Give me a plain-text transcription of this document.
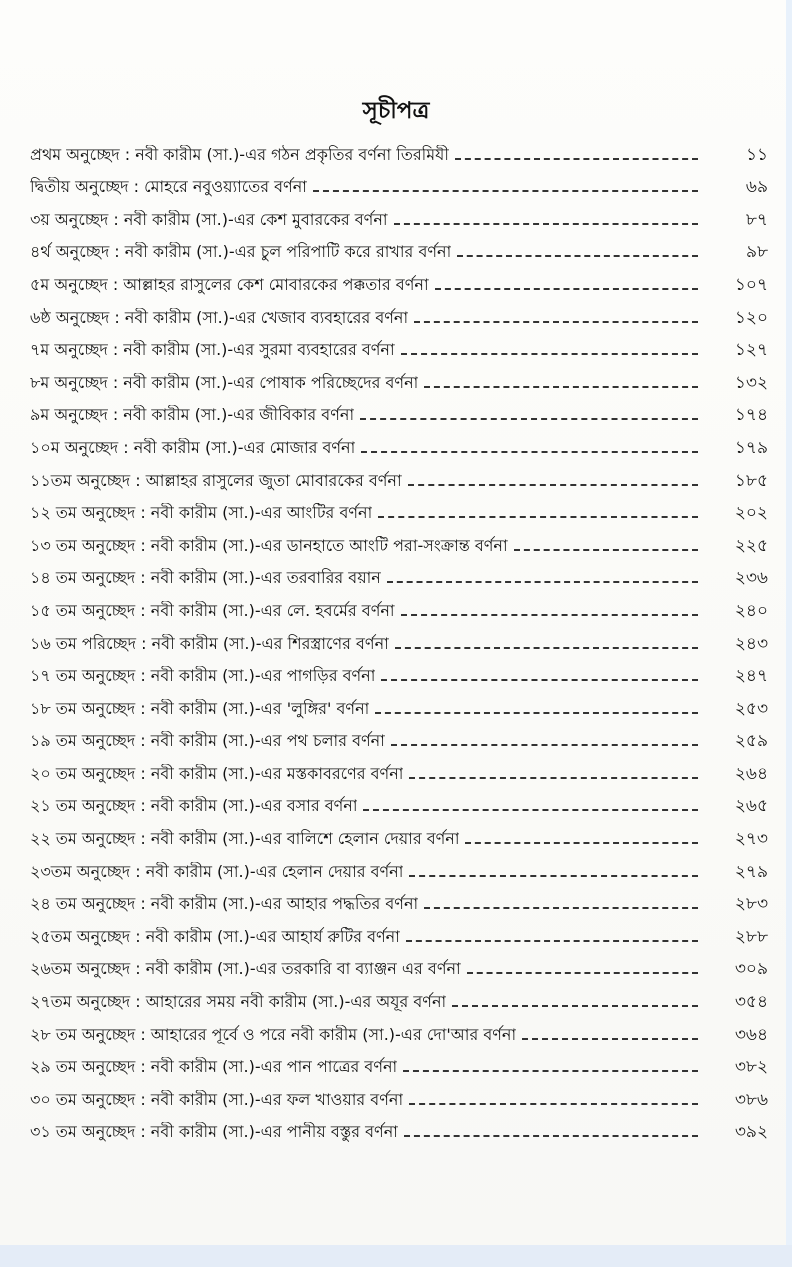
সূচীপত্র
প্রথম অনুচ্ছেদ : নবী কারীম (সা.)-এর গঠন প্রকৃতির বর্ণনা তিরমিযী	১১
দ্বিতীয় অনুচ্ছেদ : মোহরে নবুওয়্যাতের বর্ণনা	৬৯
৩য় অনুচ্ছেদ : নবী কারীম (সা.)-এর কেশ মুবারকের বর্ণনা	৮৭
৪র্থ অনুচ্ছেদ : নবী কারীম (সা.)-এর চুল পরিপাটি করে রাখার বর্ণনা	৯৮
৫ম অনুচ্ছেদ : আল্লাহর রাসুলের কেশ মোবারকের পক্কতার বর্ণনা	১০৭
৬ষ্ঠ অনুচ্ছেদ : নবী কারীম (সা.)-এর খেজাব ব্যবহারের বর্ণনা	১২০
৭ম অনুচ্ছেদ : নবী কারীম (সা.)-এর সুরমা ব্যবহারের বর্ণনা	১২৭
৮ম অনুচ্ছেদ : নবী কারীম (সা.)-এর পোষাক পরিচ্ছেদের বর্ণনা	১৩২
৯ম অনুচ্ছেদ : নবী কারীম (সা.)-এর জীবিকার বর্ণনা	১৭৪
১০ম অনুচ্ছেদ : নবী কারীম (সা.)-এর মোজার বর্ণনা	১৭৯
১১তম অনুচ্ছেদ : আল্লাহর রাসুলের জুতা মোবারকের বর্ণনা	১৮৫
১২ তম অনুচ্ছেদ : নবী কারীম (সা.)-এর আংটির বর্ণনা	২০২
১৩ তম অনুচ্ছেদ : নবী কারীম (সা.)-এর ডানহাতে আংটি পরা-সংক্রান্ত বর্ণনা	২২৫
১৪ তম অনুচ্ছেদ : নবী কারীম (সা.)-এর তরবারির বয়ান	২৩৬
১৫ তম অনুচ্ছেদ : নবী কারীম (সা.)-এর লে. হবর্মের বর্ণনা	২৪০
১৬ তম পরিচ্ছেদ : নবী কারীম (সা.)-এর শিরস্ত্রাণের বর্ণনা	২৪৩
১৭ তম অনুচ্ছেদ : নবী কারীম (সা.)-এর পাগড়ির বর্ণনা	২৪৭
১৮ তম অনুচ্ছেদ : নবী কারীম (সা.)-এর 'লুঙ্গির' বর্ণনা	২৫৩
১৯ তম অনুচ্ছেদ : নবী কারীম (সা.)-এর পথ চলার বর্ণনা	২৫৯
২০ তম অনুচ্ছেদ : নবী কারীম (সা.)-এর মস্তকাবরণের বর্ণনা	২৬৪
২১ তম অনুচ্ছেদ : নবী কারীম (সা.)-এর বসার বর্ণনা	২৬৫
২২ তম অনুচ্ছেদ : নবী কারীম (সা.)-এর বালিশে হেলান দেয়ার বর্ণনা	২৭৩
২৩তম অনুচ্ছেদ : নবী কারীম (সা.)-এর হেলান দেয়ার বর্ণনা	২৭৯
২৪ তম অনুচ্ছেদ : নবী কারীম (সা.)-এর আহার পদ্ধতির বর্ণনা	২৮৩
২৫তম অনুচ্ছেদ : নবী কারীম (সা.)-এর আহার্য রুটির বর্ণনা	২৮৮
২৬তম অনুচ্ছেদ : নবী কারীম (সা.)-এর তরকারি বা ব্যাঞ্জন এর বর্ণনা	৩০৯
২৭তম অনুচ্ছেদ : আহারের সময় নবী কারীম (সা.)-এর অযূর বর্ণনা	৩৫৪
২৮ তম অনুচ্ছেদ : আহারের পূর্বে ও পরে নবী কারীম (সা.)-এর দো'আর বর্ণনা	৩৬৪
২৯ তম অনুচ্ছেদ : নবী কারীম (সা.)-এর পান পাত্রের বর্ণনা	৩৮২
৩০ তম অনুচ্ছেদ : নবী কারীম (সা.)-এর ফল খাওয়ার বর্ণনা	৩৮৬
৩১ তম অনুচ্ছেদ : নবী কারীম (সা.)-এর পানীয় বস্তুর বর্ণনা	৩৯২
